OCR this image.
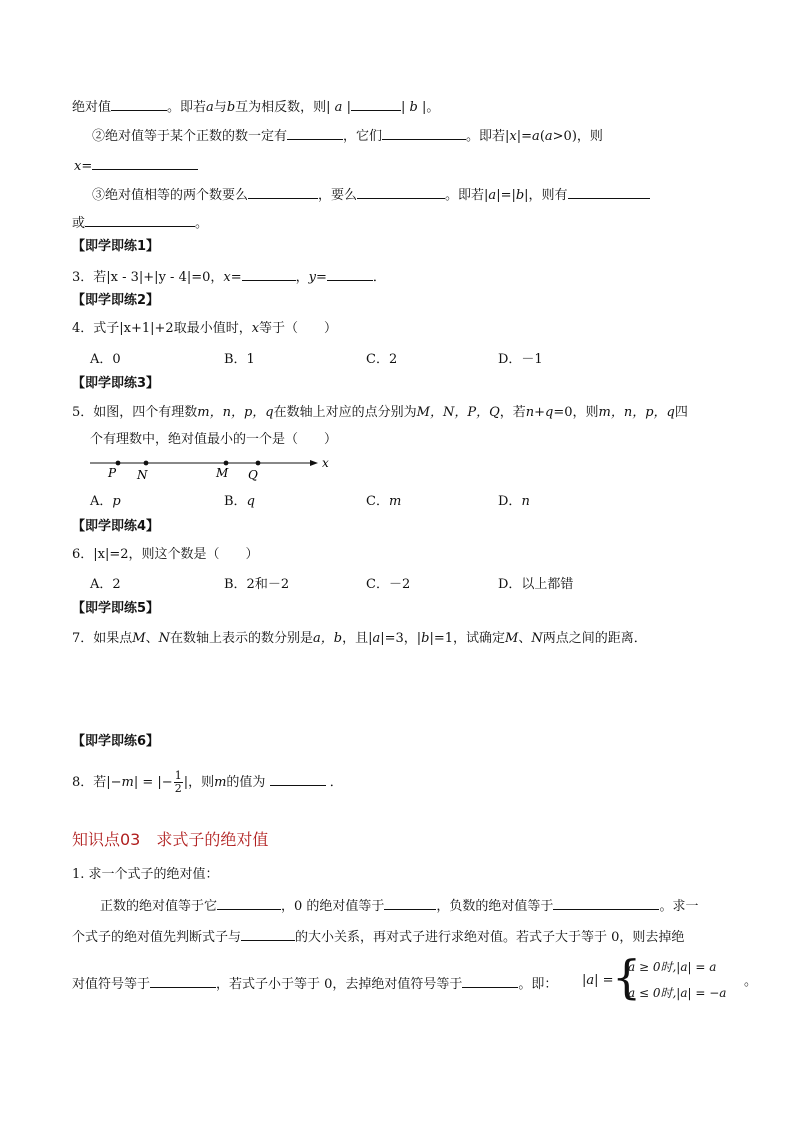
绝对值	。即若a与b互为相反数，则| a |	| b |。
②绝对值等于某个正数的数一定有	，它们	。即若|x|=a(a>0)，则
x=
③绝对值相等的两个数要么	，要么	。即若|a|=|b|，则有
或	。
【即学即练1】
3．若|x - 3|+|y - 4|=0，x=	，y=	．
【即学即练2】
4．式子|x+1|+2取最小值时，x等于（　　）
A．0	B．1	C．2	D．－1
【即学即练3】
5．如图，四个有理数m，n，p，q在数轴上对应的点分别为M，N，P，Q，若n+q=0，则m，n，p，q四
个有理数中，绝对值最小的一个是（　　）
P N	M Q
x
A．p	B．q	C．m	D．n
【即学即练4】
6．|x|=2，则这个数是（　　）
A．2	B．2和－2	C．－2	D．以上都错
【即学即练5】
7．如果点M、N在数轴上表示的数分别是a，b，且|a|=3，|b|=1，试确定M、N两点之间的距离．
【即学即练6】
8．若|−m| = |− $\frac{1}{2}$ |，则m的值为	．
知识点03 求式子的绝对值
1. 求一个式子的绝对值：
正数的绝对值等于它	，0 的绝对值等于	，负数的绝对值等于	。求一
个式子的绝对值先判断式子与	的大小关系，再对式子进行求绝对值。若式子大于等于 0，则去掉绝
对值符号等于	，若式子小于等于 0，去掉绝对值符号等于	。即： |a| =
{
a ≥ 0时,|a| = a
a ≤ 0时,|a| = −a
。
